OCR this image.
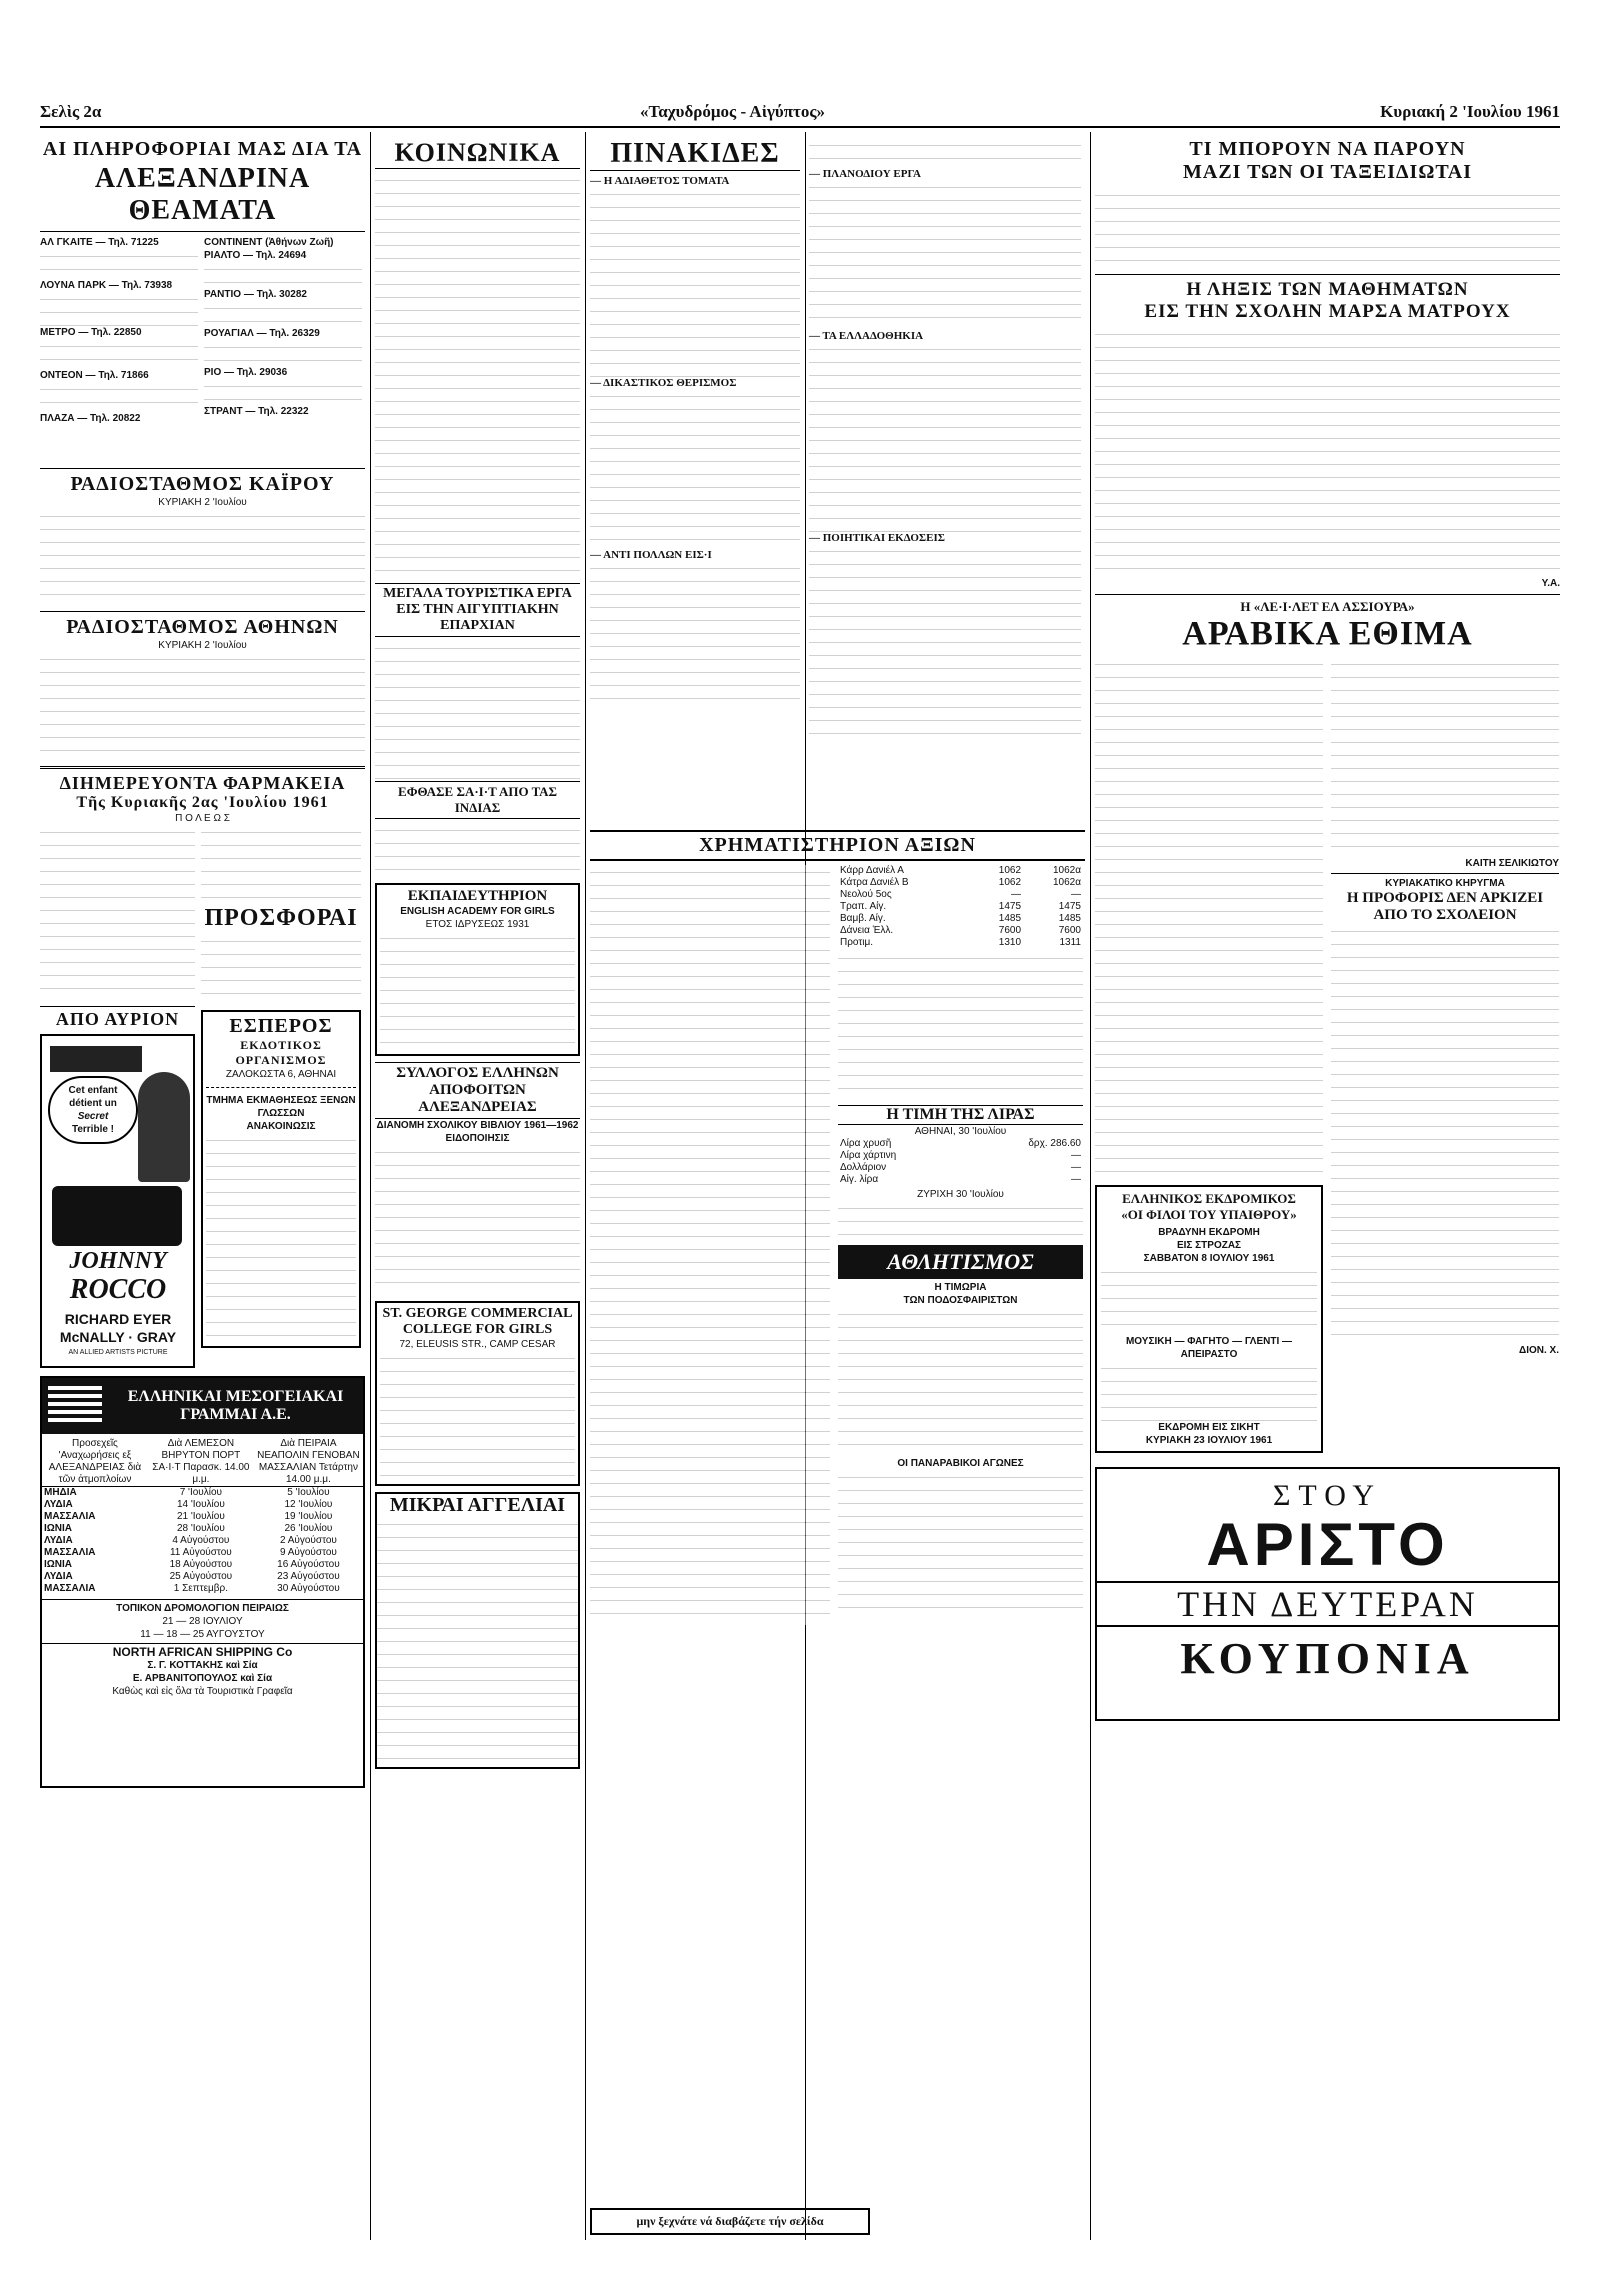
Σελὶς 2α	«Ταχυδρόμος - Αἰγύπτος»	Κυριακή 2 'Ιουλίου 1961
ΑΙ ΠΛΗΡΟΦΟΡΙΑΙ ΜΑΣ ΔΙΑ ΤΑ
ΑΛΕΞΑΝΔΡΙΝΑ ΘΕΑΜΑΤΑ
ΑΛ ΓΚΑΙΤΕ — Τηλ. 71225
ΛΟΥΝΑ ΠΑΡΚ — Τηλ. 73938
ΜΕΤΡΟ — Τηλ. 22850
ΟΝΤΕΟΝ — Τηλ. 71866
ΠΛΑΖΑ — Τηλ. 20822
CONTINENT (Ἀθήνων Ζωῆ)
ΡΙΑΛΤΟ — Τηλ. 24694
ΡΑΝΤΙΟ — Τηλ. 30282
ΡΟΥΑΓΙΑΛ — Τηλ. 26329
ΡΙΟ — Τηλ. 29036
ΣΤΡΑΝΤ — Τηλ. 22322
ΡΑΔΙΟΣΤΑΘΜΟΣ ΚΑΪΡΟΥ
ΚΥΡΙΑΚΗ 2 'Ιουλίου
ΡΑΔΙΟΣΤΑΘΜΟΣ ΑΘΗΝΩΝ
ΚΥΡΙΑΚΗ 2 'Ιουλίου
ΔΙΗΜΕΡΕΥΟΝΤΑ ΦΑΡΜΑΚΕΙΑ
Τῆς Κυριακῆς 2ας 'Ιουλίου 1961
Π Ο Λ Ε Ω Σ
ΠΡΟΣΦΟΡΑΙ
ΑΠΟ ΑΥΡΙΟΝ
Cet enfant
détient un
Secret
Terrible !
JOHNNY
ROCCO
RICHARD EYER
McNALLY · GRAY
AN ALLIED ARTISTS PICTURE
ΕΣΠΕΡΟΣ
ΕΚΔΟΤΙΚΟΣ ΟΡΓΑΝΙΣΜΟΣ
ΖΑΛΟΚΩΣΤΑ 6, ΑΘΗΝΑΙ
ΤΜΗΜΑ ΕΚΜΑΘΗΣΕΩΣ ΞΕΝΩΝ ΓΛΩΣΣΩΝ
ΑΝΑΚΟΙΝΩΣΙΣ
ΕΛΛΗΝΙΚΑΙ ΜΕΣΟΓΕΙΑΚΑΙ
ΓΡΑΜΜΑΙ Α.Ε.
Προσεχεῖς 'Αναχωρήσεις εξ ΑΛΕΞΑΝΔΡΕΙΑΣ διὰ τῶν ἀτμοπλοίων	Διὰ ΛΕΜΕΣΟΝ ΒΗΡΥΤΟΝ ΠΟΡΤ ΣΑ·Ι·Τ Παρασκ. 14.00 μ.μ.	Διὰ ΠΕΙΡΑΙΑ ΝΕΑΠΟΛΙΝ ΓΕΝΟΒΑΝ ΜΑΣΣΑΛΙΑΝ Τετάρτην 14.00 μ.μ.
ΜΗΔΙΑ	7 'Ιουλίου	5 'Ιουλίου
ΛΥΔΙΑ	14 'Ιουλίου	12 'Ιουλίου
ΜΑΣΣΑΛΙΑ	21 'Ιουλίου	19 'Ιουλίου
ΙΩΝΙΑ	28 'Ιουλίου	26 'Ιουλίου
ΛΥΔΙΑ	4 Αὐγούστου	2 Αὐγούστου
ΜΑΣΣΑΛΙΑ	11 Αὐγούστου	9 Αὐγούστου
ΙΩΝΙΑ	18 Αὐγούστου	16 Αὐγούστου
ΛΥΔΙΑ	25 Αὐγούστου	23 Αὐγούστου
ΜΑΣΣΑΛΙΑ	1 Σεπτεμβρ.	30 Αὐγούστου
ΤΟΠΙΚΟΝ ΔΡΟΜΟΛΟΓΙΟΝ ΠΕΙΡΑΙΩΣ
21 — 28 ΙΟΥΛΙΟΥ
11 — 18 — 25 ΑΥΓΟΥΣΤΟΥ
NORTH AFRICAN SHIPPING Co
Σ. Γ. ΚΟΤΤΑΚΗΣ καὶ Σία
Ε. ΑΡΒΑΝΙΤΟΠΟΥΛΟΣ καὶ Σία
Καθὼς καὶ εἰς ὅλα τὰ Τουριστικὰ Γραφεῖα
ΚΟΙΝΩΝΙΚΑ
ΜΕΓΑΛΑ ΤΟΥΡΙΣΤΙΚΑ ΕΡΓΑ ΕΙΣ ΤΗΝ ΑΙΓΥΠΤΙΑΚΗΝ ΕΠΑΡΧΙΑΝ
ΕΦΘΑΣΕ ΣΑ·Ι·Τ ΑΠΟ ΤΑΣ ΙΝΔΙΑΣ
ΕΚΠΑΙΔΕΥΤΗΡΙΟΝ
ENGLISH ACADEMY FOR GIRLS
ΕΤΟΣ ΙΔΡΥΣΕΩΣ 1931
ΣΥΛΛΟΓΟΣ ΕΛΛΗΝΩΝ ΑΠΟΦΟΙΤΩΝ ΑΛΕΞΑΝΔΡΕΙΑΣ
ΔΙΑΝΟΜΗ ΣΧΟΛΙΚΟΥ ΒΙΒΛΙΟΥ 1961—1962
ΕΙΔΟΠΟΙΗΣΙΣ
ST. GEORGE COMMERCIAL
COLLEGE FOR GIRLS
72, ELEUSIS STR., CAMP CESAR
ΜΙΚΡΑΙ ΑΓΓΕΛΙΑΙ
ΠΙΝΑΚΙΔΕΣ
— Η ΑΔΙΑΘΕΤΟΣ ΤΟΜΑΤΑ
— ΔΙΚΑΣΤΙΚΟΣ ΘΕΡΙΣΜΟΣ
— ΑΝΤΙ ΠΟΛΛΩΝ ΕΙΣ·Ι
— ΠΛΑΝΟΔΙΟΥ ΕΡΓΑ
— ΤΑ ΕΛΛΑΔΟΘΗΚΙΑ
— ΠΟΙΗΤΙΚΑΙ ΕΚΔΟΣΕΙΣ
ΧΡΗΜΑΤΙΣΤΗΡΙΟΝ ΑΞΙΩΝ
Κάρρ Δανιέλ Α	1062	1062α
Κάτρα Δανιέλ Β	1062	1062α
Νεολού 5ος	—	—
Τραπ. Αίγ.	1475	1475
Βαμβ. Αίγ.	1485	1485
Δάνεια Ἑλλ.	7600	7600
Προτιμ.	1310	1311
Η ΤΙΜΗ ΤΗΣ ΛΙΡΑΣ
ΑΘΗΝΑΙ, 30 'Ιουλίου
Λίρα χρυσῆ	δρχ. 286.60
Λίρα χάρτινη	—
Δολλάριον	—
Αἰγ. λίρα	—
ΖΥΡΙΧΗ 30 'Ιουλίου
ΑΘΛΗΤΙΣΜΟΣ
Η ΤΙΜΩΡΙΑ
ΤΩΝ ΠΟΔΟΣΦΑΙΡΙΣΤΩΝ
ΟΙ ΠΑΝΑΡΑΒΙΚΟΙ ΑΓΩΝΕΣ
ΤΙ ΜΠΟΡΟΥΝ ΝΑ ΠΑΡΟΥΝ
ΜΑΖΙ ΤΩΝ ΟΙ ΤΑΞΕΙΔΙΩΤΑΙ
Η ΛΗΞΙΣ ΤΩΝ ΜΑΘΗΜΑΤΩΝ
ΕΙΣ ΤΗΝ ΣΧΟΛΗΝ ΜΑΡΣΑ ΜΑΤΡΟΥΧ
Υ.Α.
Η «ΛΕ·Ι·ΛΕΤ ΕΛ ΑΣΣΙΟΥΡΑ»
ΑΡΑΒΙΚΑ ΕΘΙΜΑ
ΕΛΛΗΝΙΚΟΣ ΕΚΔΡΟΜΙΚΟΣ
«ΟΙ ΦΙΛΟΙ ΤΟΥ ΥΠΑΙΘΡΟΥ»
ΒΡΑΔΥΝΗ ΕΚΔΡΟΜΗ
ΕΙΣ ΣΤΡΟΖΑΣ
ΣΑΒΒΑΤΟΝ 8 ΙΟΥΛΙΟΥ 1961
ΜΟΥΣΙΚΗ — ΦΑΓΗΤΟ — ΓΛΕΝΤΙ — ΑΠΕΙΡΑΣΤΟ
ΕΚΔΡΟΜΗ ΕΙΣ ΣΙΚΗΤ
ΚΥΡΙΑΚΗ 23 ΙΟΥΛΙΟΥ 1961
ΚΑΙΤΗ ΣΕΛΙΚΙΩΤΟΥ
ΚΥΡΙΑΚΑΤΙΚΟ ΚΗΡΥΓΜΑ
Η ΠΡΟΦΟΡΙΣ ΔΕΝ ΑΡΚΙΖΕΙ
ΑΠΟ ΤΟ ΣΧΟΛΕΙΟΝ
ΔΙΟΝ. Χ.
ΣΤΟΥ
ΑΡΙΣΤΟ
ΤΗΝ ΔΕΥΤΕΡΑΝ
ΚΟΥΠΟΝΙΑ
μην ξεχνάτε νά διαβάζετε τήν σελίδα
